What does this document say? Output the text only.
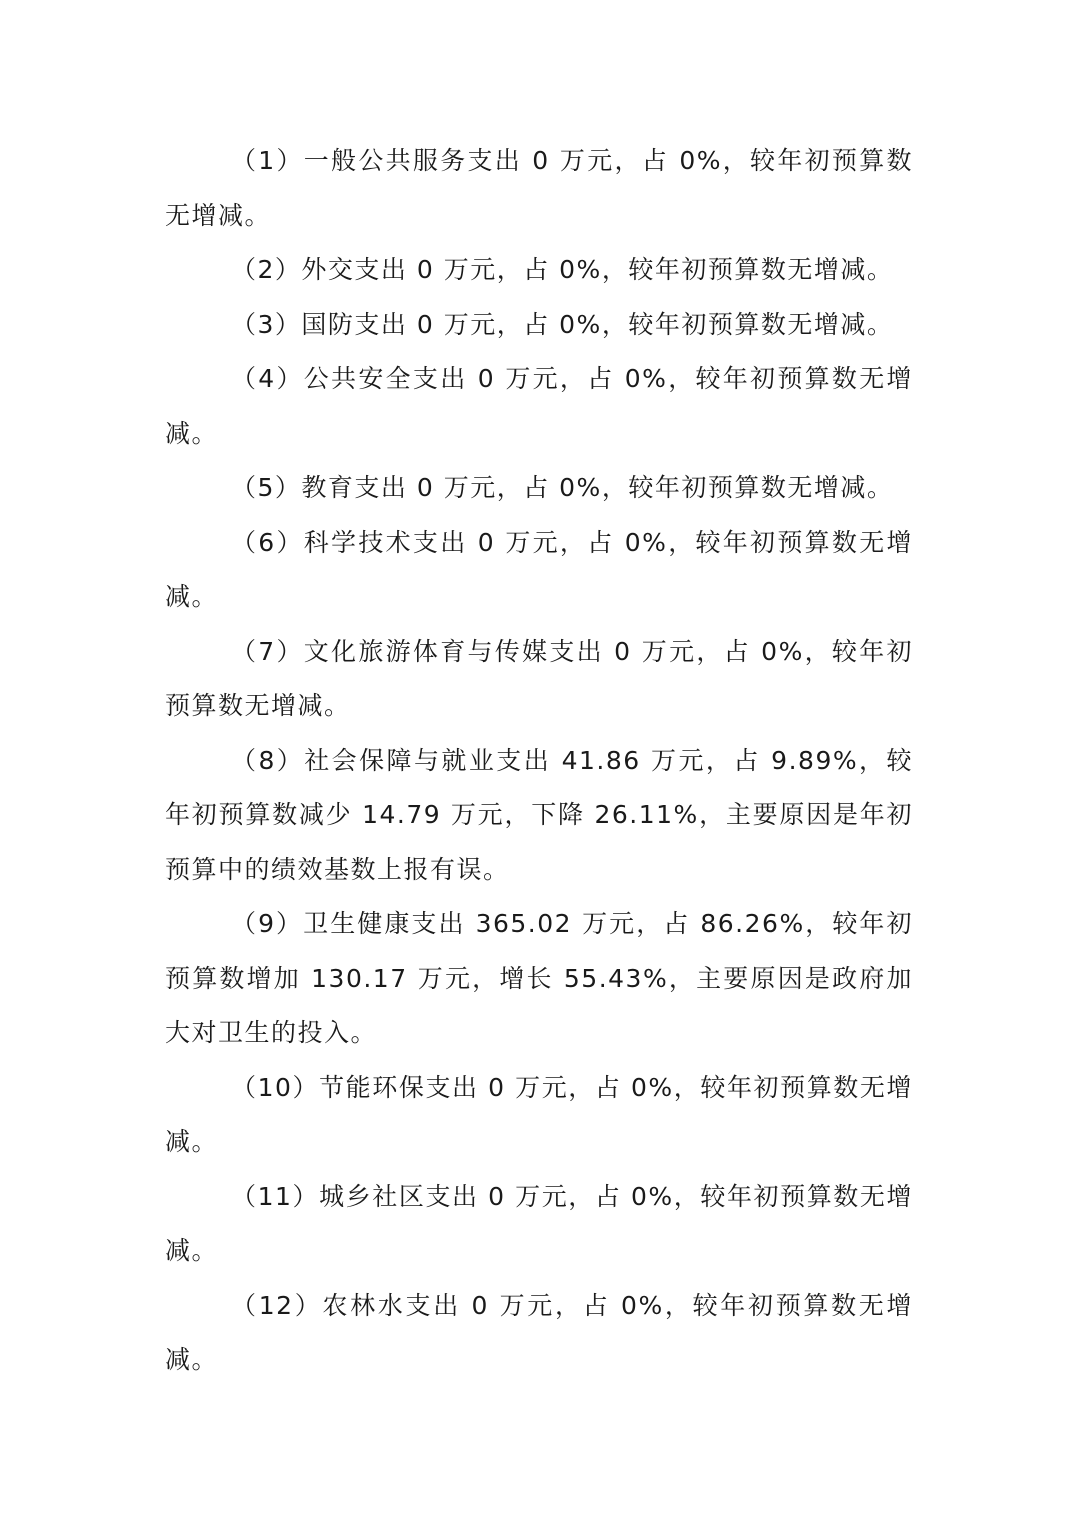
（1）一般公共服务支出 0 万元，占 0%，较年初预算数无增减。

（2）外交支出 0 万元，占 0%，较年初预算数无增减。

（3）国防支出 0 万元，占 0%，较年初预算数无增减。

（4）公共安全支出 0 万元，占 0%，较年初预算数无增减。

（5）教育支出 0 万元，占 0%，较年初预算数无增减。

（6）科学技术支出 0 万元，占 0%，较年初预算数无增减。

（7）文化旅游体育与传媒支出 0 万元，占 0%，较年初预算数无增减。

（8）社会保障与就业支出 41.86 万元，占 9.89%，较年初预算数减少 14.79 万元，下降 26.11%，主要原因是年初预算中的绩效基数上报有误。

（9）卫生健康支出 365.02 万元，占 86.26%，较年初预算数增加 130.17 万元，增长 55.43%，主要原因是政府加大对卫生的投入。

（10）节能环保支出 0 万元，占 0%，较年初预算数无增减。

（11）城乡社区支出 0 万元，占 0%，较年初预算数无增减。

（12）农林水支出 0 万元，占 0%，较年初预算数无增减。
